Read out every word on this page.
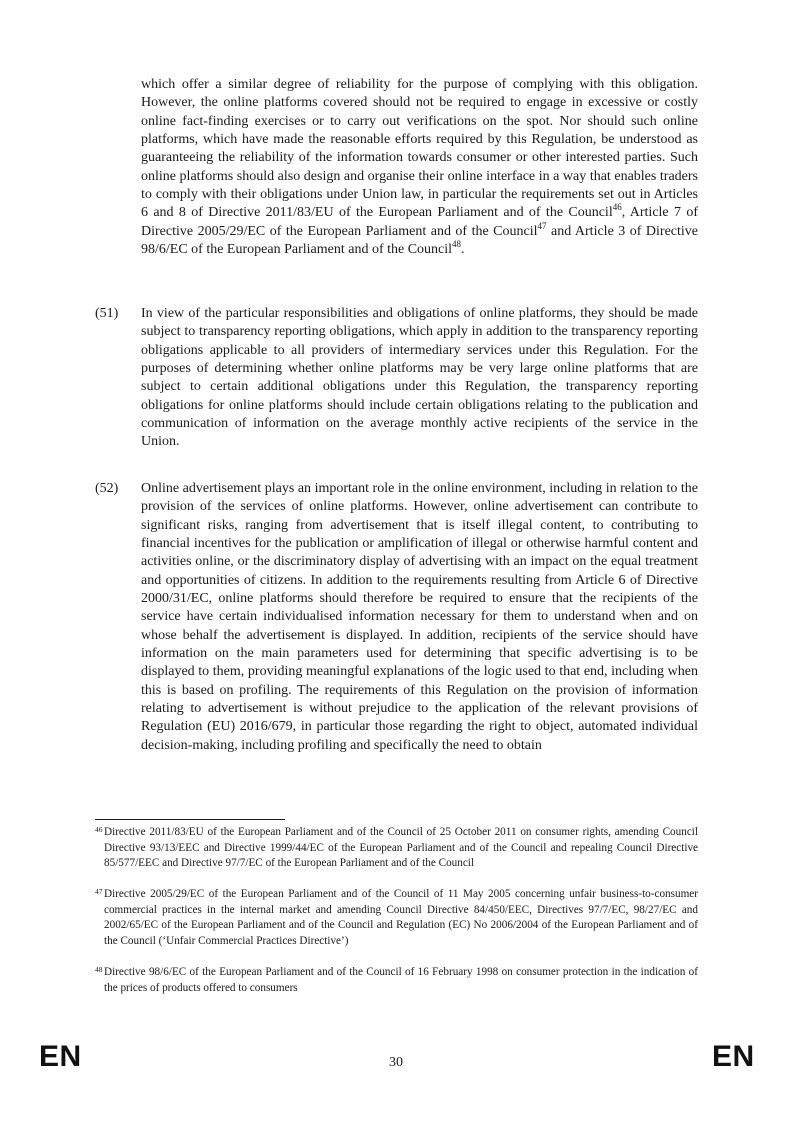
which offer a similar degree of reliability for the purpose of complying with this obligation. However, the online platforms covered should not be required to engage in excessive or costly online fact-finding exercises or to carry out verifications on the spot. Nor should such online platforms, which have made the reasonable efforts required by this Regulation, be understood as guaranteeing the reliability of the information towards consumer or other interested parties. Such online platforms should also design and organise their online interface in a way that enables traders to comply with their obligations under Union law, in particular the requirements set out in Articles 6 and 8 of Directive 2011/83/EU of the European Parliament and of the Council$^{46}$, Article 7 of Directive 2005/29/EC of the European Parliament and of the Council$^{47}$ and Article 3 of Directive 98/6/EC of the European Parliament and of the Council$^{48}$.
(51) In view of the particular responsibilities and obligations of online platforms, they should be made subject to transparency reporting obligations, which apply in addition to the transparency reporting obligations applicable to all providers of intermediary services under this Regulation. For the purposes of determining whether online platforms may be very large online platforms that are subject to certain additional obligations under this Regulation, the transparency reporting obligations for online platforms should include certain obligations relating to the publication and communication of information on the average monthly active recipients of the service in the Union.
(52) Online advertisement plays an important role in the online environment, including in relation to the provision of the services of online platforms. However, online advertisement can contribute to significant risks, ranging from advertisement that is itself illegal content, to contributing to financial incentives for the publication or amplification of illegal or otherwise harmful content and activities online, or the discriminatory display of advertising with an impact on the equal treatment and opportunities of citizens. In addition to the requirements resulting from Article 6 of Directive 2000/31/EC, online platforms should therefore be required to ensure that the recipients of the service have certain individualised information necessary for them to understand when and on whose behalf the advertisement is displayed. In addition, recipients of the service should have information on the main parameters used for determining that specific advertising is to be displayed to them, providing meaningful explanations of the logic used to that end, including when this is based on profiling. The requirements of this Regulation on the provision of information relating to advertisement is without prejudice to the application of the relevant provisions of Regulation (EU) 2016/679, in particular those regarding the right to object, automated individual decision-making, including profiling and specifically the need to obtain
46 Directive 2011/83/EU of the European Parliament and of the Council of 25 October 2011 on consumer rights, amending Council Directive 93/13/EEC and Directive 1999/44/EC of the European Parliament and of the Council and repealing Council Directive 85/577/EEC and Directive 97/7/EC of the European Parliament and of the Council
47 Directive 2005/29/EC of the European Parliament and of the Council of 11 May 2005 concerning unfair business-to-consumer commercial practices in the internal market and amending Council Directive 84/450/EEC, Directives 97/7/EC, 98/27/EC and 2002/65/EC of the European Parliament and of the Council and Regulation (EC) No 2006/2004 of the European Parliament and of the Council (‘Unfair Commercial Practices Directive’)
48 Directive 98/6/EC of the European Parliament and of the Council of 16 February 1998 on consumer protection in the indication of the prices of products offered to consumers
EN	30	EN
